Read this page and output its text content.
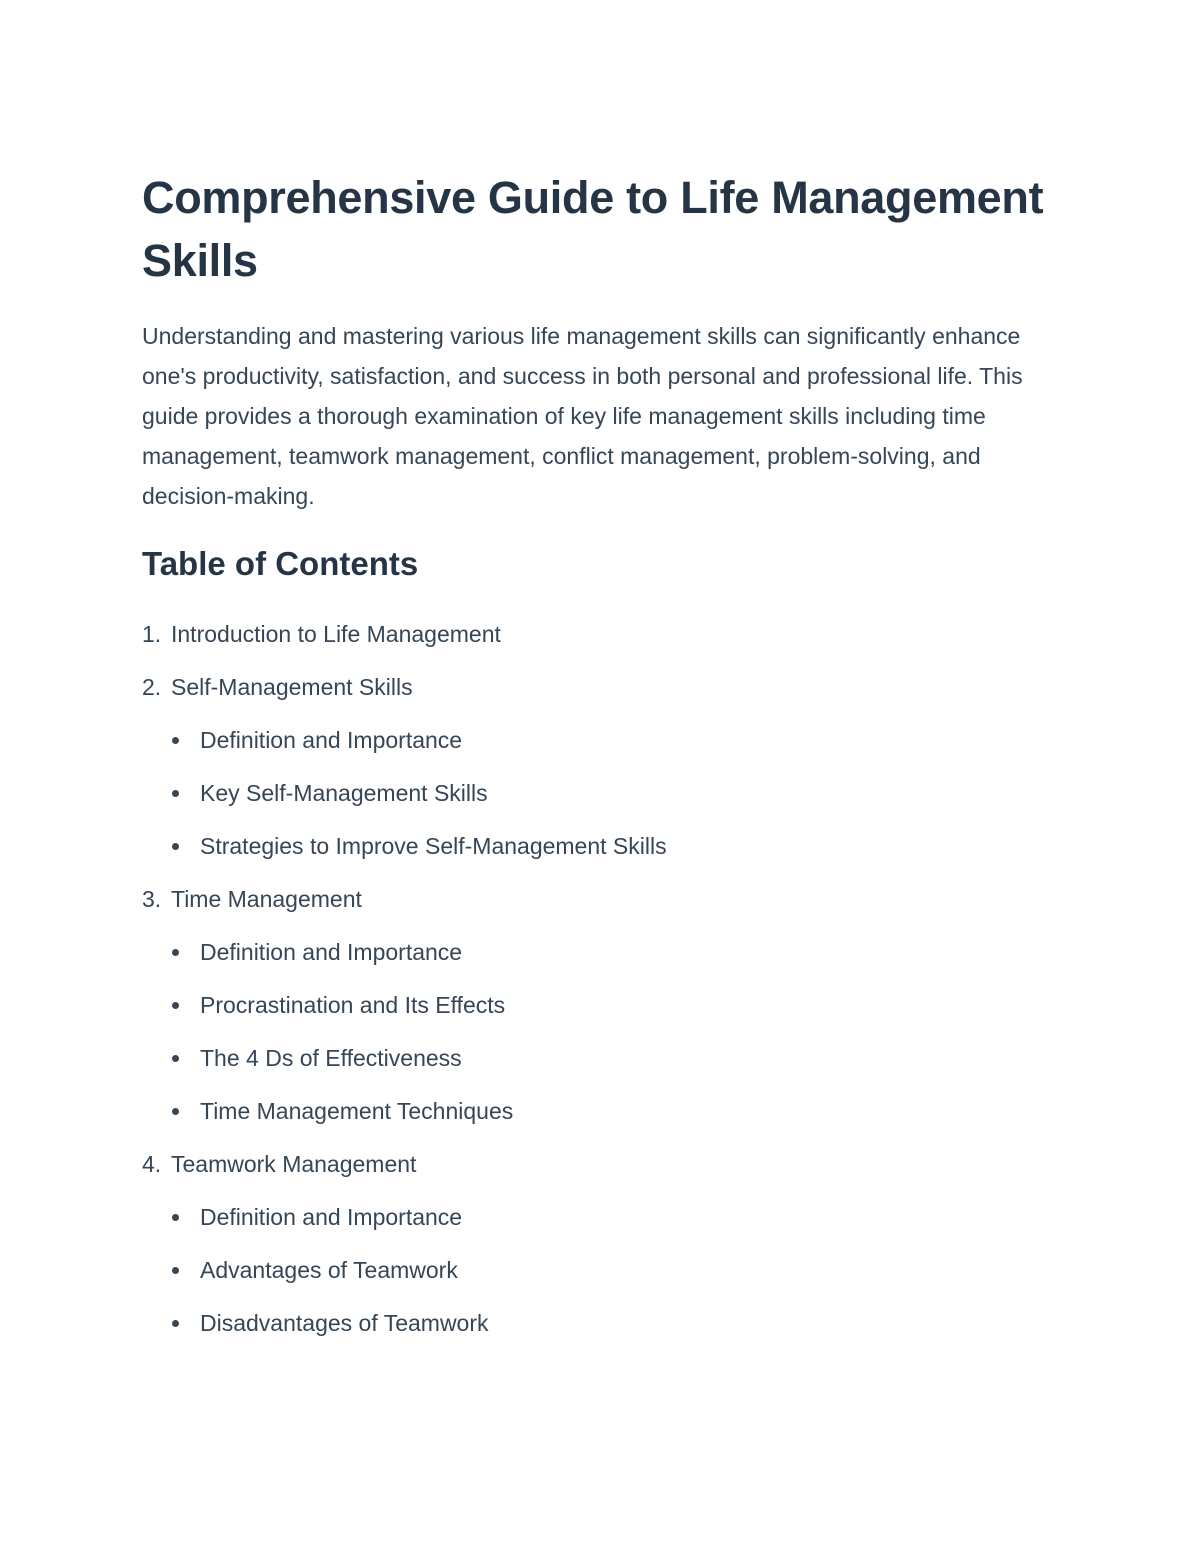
Comprehensive Guide to Life Management Skills

Understanding and mastering various life management skills can significantly enhance one's productivity, satisfaction, and success in both personal and professional life. This guide provides a thorough examination of key life management skills including time management, teamwork management, conflict management, problem-solving, and decision-making.

Table of Contents
1. Introduction to Life Management
2. Self-Management Skills
Definition and Importance
Key Self-Management Skills
Strategies to Improve Self-Management Skills
3. Time Management
Definition and Importance
Procrastination and Its Effects
The 4 Ds of Effectiveness
Time Management Techniques
4. Teamwork Management
Definition and Importance
Advantages of Teamwork
Disadvantages of Teamwork
